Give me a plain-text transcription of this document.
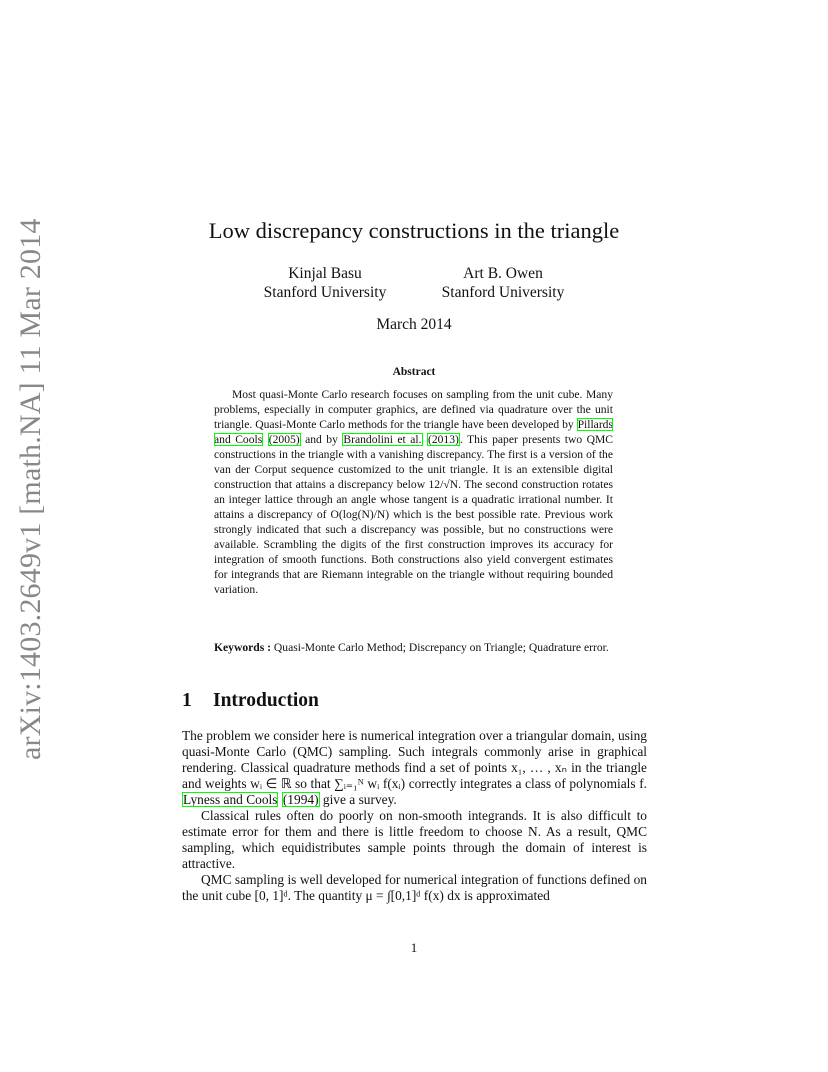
arXiv:1403.2649v1 [math.NA] 11 Mar 2014	Low discrepancy constructions in the triangle
Kinjal Basu
Stanford University
Art B. Owen
Stanford University
March 2014
Abstract

Most quasi-Monte Carlo research focuses on sampling from the unit cube. Many problems, especially in computer graphics, are defined via quadrature over the unit triangle. Quasi-Monte Carlo methods for the triangle have been developed by Pillards and Cools (2005) and by Brandolini et al. (2013). This paper presents two QMC constructions in the triangle with a vanishing discrepancy. The first is a version of the van der Corput sequence customized to the unit triangle. It is an extensible digital construction that attains a discrepancy below 12/√N. The second construction rotates an integer lattice through an angle whose tangent is a quadratic irrational number. It attains a discrepancy of O(log(N)/N) which is the best possible rate. Previous work strongly indicated that such a discrepancy was possible, but no constructions were available. Scrambling the digits of the first construction improves its accuracy for integration of smooth functions. Both constructions also yield convergent estimates for integrands that are Riemann integrable on the triangle without requiring bounded variation.

Keywords : Quasi-Monte Carlo Method; Discrepancy on Triangle; Quadrature error.
1 Introduction

The problem we consider here is numerical integration over a triangular domain, using quasi-Monte Carlo (QMC) sampling. Such integrals commonly arise in graphical rendering. Classical quadrature methods find a set of points x₁, … , xₙ in the triangle and weights wᵢ ∈ ℝ so that ∑ᵢ₌₁ᴺ wᵢ f(xᵢ) correctly integrates a class of polynomials f. Lyness and Cools (1994) give a survey.

Classical rules often do poorly on non-smooth integrands. It is also difficult to estimate error for them and there is little freedom to choose N. As a result, QMC sampling, which equidistributes sample points through the domain of interest is attractive.

QMC sampling is well developed for numerical integration of functions defined on the unit cube [0, 1]ᵈ. The quantity μ = ∫[0,1]ᵈ f(x) dx is approximated

1
